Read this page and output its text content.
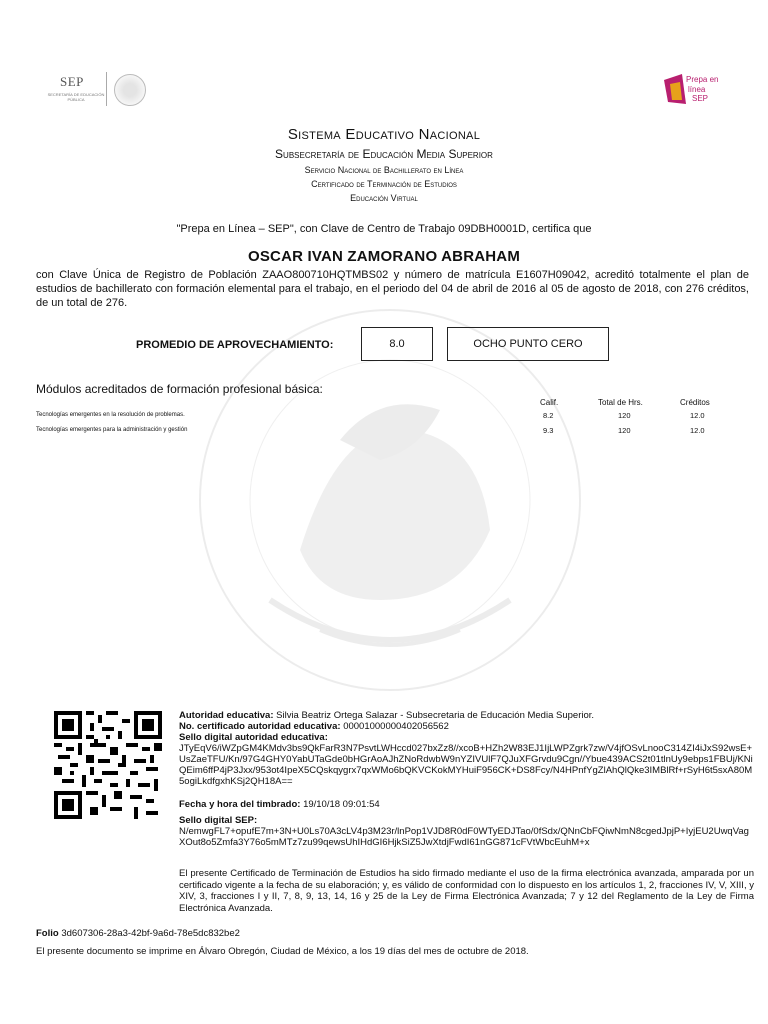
SEP
SECRETARÍA DE EDUCACIÓN PÚBLICA
Prepa en
línea
SEP
Sistema Educativo Nacional
Subsecretaría de Educación Media Superior
Servicio Nacional de Bachillerato en Línea
Certificado de Terminación de Estudios
Educación Virtual
"Prepa en Línea – SEP", con Clave de Centro de Trabajo 09DBH0001D, certifica que
OSCAR IVAN ZAMORANO ABRAHAM
con Clave Única de Registro de Población ZAAO800710HQTMBS02 y número de matrícula E1607H09042, acreditó totalmente el plan de estudios de bachillerato con formación elemental para el trabajo, en el periodo del 04 de abril de 2016 al 05 de agosto de 2018, con 276 créditos, de un total de 276.
PROMEDIO DE APROVECHAMIENTO:	8.0	OCHO PUNTO CERO
Módulos acreditados de formación profesional básica:
Calif.	Total de Hrs.	Créditos
Tecnologías emergentes en la resolución de problemas.	8.2	120	12.0
Tecnologías emergentes para la administración y gestión	9.3	120	12.0
Autoridad educativa: Silvia Beatriz Ortega Salazar - Subsecretaria de Educación Media Superior.
No. certificado autoridad educativa: 00001000000402056562
Sello digital autoridad educativa:
JTyEqV6/iWZpGM4KMdv3bs9QkFarR3N7PsvtLWHccd027bxZz8//xcoB+HZh2W83EJ1IjLWPZgrk7zw/V4jfOSvLnooC314ZI4iJxS92wsE+UsZaeTFU/Kn/97G4GHY0YabUTaGde0bHGrAoAJhZNoRdwbW9nYZIVUlF7QJuXFGrvdu9Cgn//Ybue439ACS2t01tlnUy9ebps1FBUj/KNiQEim6ffP4jP3Jxx/953ot4IpeX5CQskqygrx7qxWMo6bQKVCKokMYHuiF956CK+DS8Fcy/N4HPnfYgZlAhQlQke3IMBlRf+rSyH6t5sxA80M5ogiLkdfgxhKSj2QH18A==
Fecha y hora del timbrado: 19/10/18 09:01:54
Sello digital SEP:
N/emwgFL7+opufE7m+3N+U0Ls70A3cLV4p3M23r/lnPop1VJD8R0dF0WTyEDJTao/0fSdx/QNnCbFQiwNmN8cgedJpjP+IyjEU2UwqVagXOut8o5Zmfa3Y76o5mMTz7zu99qewsUhIHdGI6HjkSiZ5JwXtdjFwdI61nGG871cFVtWbcEuhM+x
El presente Certificado de Terminación de Estudios ha sido firmado mediante el uso de la firma electrónica avanzada, amparada por un certificado vigente a la fecha de su elaboración; y, es válido de conformidad con lo dispuesto en los artículos 1, 2, fracciones IV, V, XIII, y XIV, 3, fracciones I y II, 7, 8, 9, 13, 14, 16 y 25 de la Ley de Firma Electrónica Avanzada; 7 y 12 del Reglamento de la Ley de Firma Electrónica Avanzada.
Folio 3d607306-28a3-42bf-9a6d-78e5dc832be2
El presente documento se imprime en Álvaro Obregón, Ciudad de México, a los 19 días del mes de octubre de 2018.
